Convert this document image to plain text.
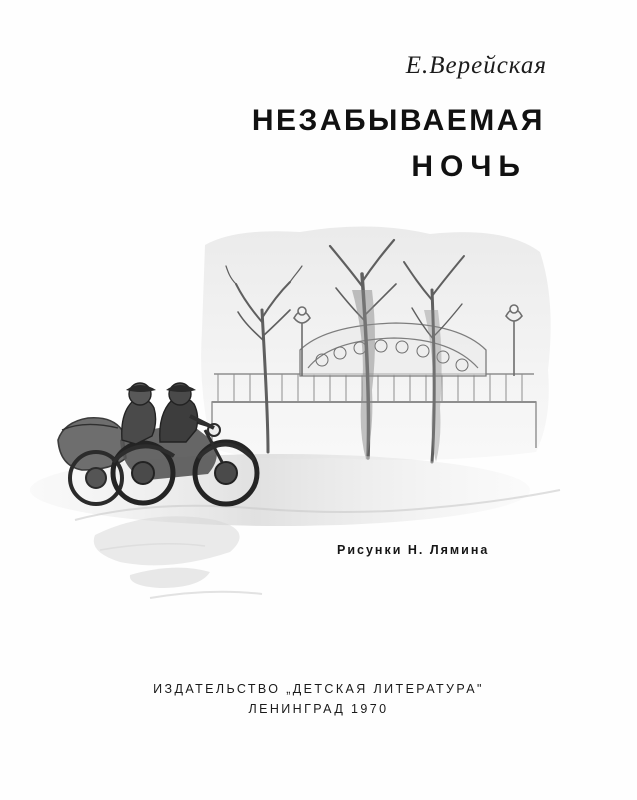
Е.Верейская
НЕЗАБЫВАЕМАЯ
НОЧЬ
Рисунки Н. Лямина
ИЗДАТЕЛЬСТВО „ДЕТСКАЯ ЛИТЕРАТУРА"
ЛЕНИНГРАД 1970
